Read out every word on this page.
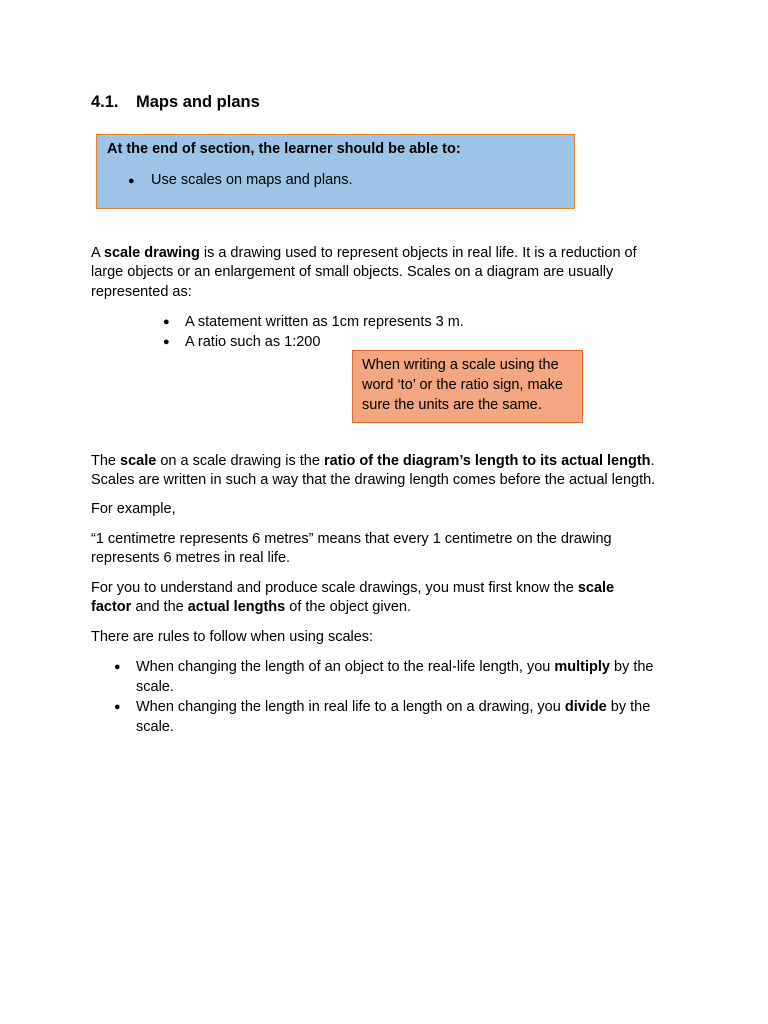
4.1. Maps and plans
At the end of section, the learner should be able to:
● Use scales on maps and plans.
A scale drawing is a drawing used to represent objects in real life. It is a reduction of
large objects or an enlargement of small objects. Scales on a diagram are usually
represented as:
● A statement written as 1cm represents 3 m.
● A ratio such as 1:200
When writing a scale using the
word ‘to’ or the ratio sign, make
sure the units are the same.
The scale on a scale drawing is the ratio of the diagram’s length to its actual length.
Scales are written in such a way that the drawing length comes before the actual length.
For example,
“1 centimetre represents 6 metres” means that every 1 centimetre on the drawing
represents 6 metres in real life.
For you to understand and produce scale drawings, you must first know the scale
factor and the actual lengths of the object given.
There are rules to follow when using scales:
● When changing the length of an object to the real-life length, you multiply by the
scale.
● When changing the length in real life to a length on a drawing, you divide by the
scale.
